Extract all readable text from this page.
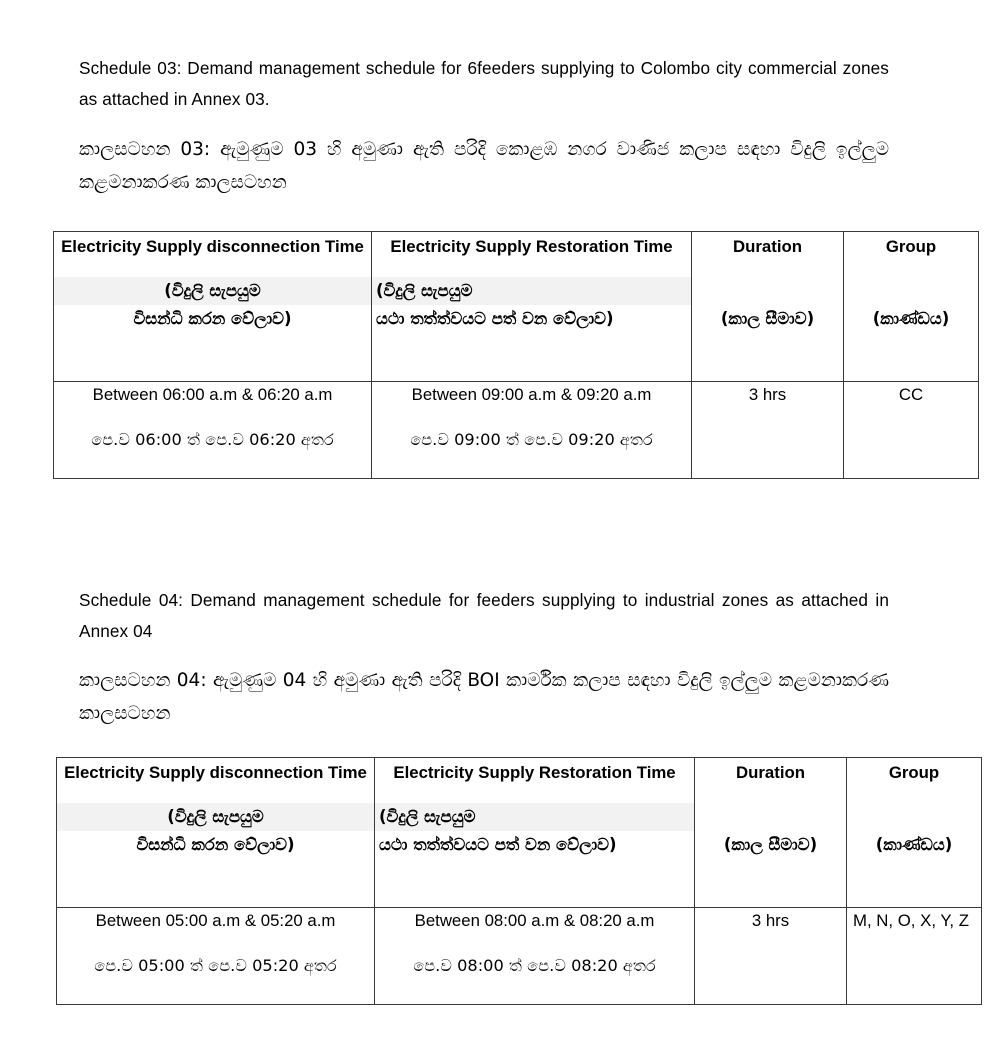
Schedule 03: Demand management schedule for 6feeders supplying to Colombo city commercial zones as attached in Annex 03.

කාලසටහන 03: ඇමුණුම 03 හි අමුණා ඇති පරිදි කොළඹ නගර වාණිජ කලාප සඳහා විදුලි ඉල්ලුම කළමනාකරණ කාලසටහන

Electricity Supply disconnection Time
(විදුලි සැපයුම
විසන්ධි කරන වේලාව)	Electricity Supply Restoration Time
(විදුලි සැපයුම
යථා තත්ත්වයට පත් වන වේලාව)	Duration
(කාල සීමාව)	Group
(කාණ්ඩය)

Between 06:00 a.m & 06:20 a.m
පෙ.ව 06:00 ත් පෙ.ව 06:20 අතර	Between 09:00 a.m & 09:20 a.m
පෙ.ව 09:00 ත් පෙ.ව 09:20 අතර	3 hrs	CC

Schedule 04: Demand management schedule for feeders supplying to industrial zones as attached in Annex 04

කාලසටහන 04: ඇමුණුම 04 හි අමුණා ඇති පරිදි BOI කාර්මික කලාප සඳහා විදුලි ඉල්ලුම කළමනාකරණ කාලසටහන

Electricity Supply disconnection Time
(විදුලි සැපයුම
විසන්ධි කරන වේලාව)	Electricity Supply Restoration Time
(විදුලි සැපයුම
යථා තත්ත්වයට පත් වන වේලාව)	Duration
(කාල සීමාව)	Group
(කාණ්ඩය)

Between 05:00 a.m & 05:20 a.m
පෙ.ව 05:00 ත් පෙ.ව 05:20 අතර	Between 08:00 a.m & 08:20 a.m
පෙ.ව 08:00 ත් පෙ.ව 08:20 අතර	3 hrs	M, N, O, X, Y, Z
